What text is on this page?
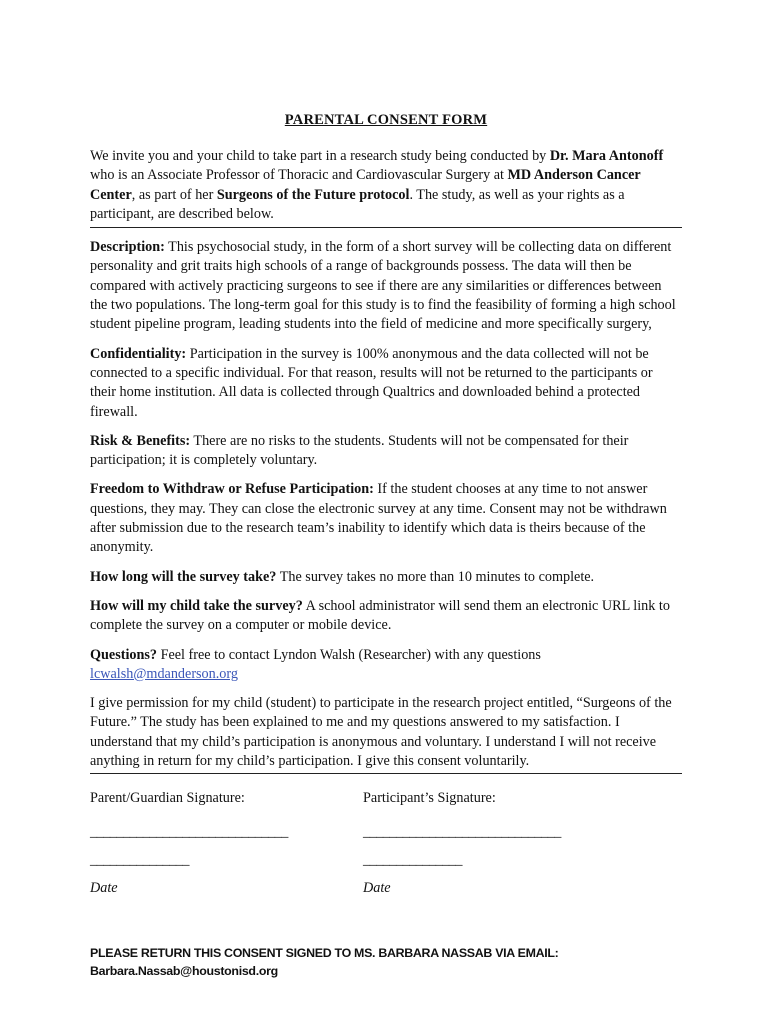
PARENTAL CONSENT FORM

We invite you and your child to take part in a research study being conducted by Dr. Mara Antonoff who is an Associate Professor of Thoracic and Cardiovascular Surgery at MD Anderson Cancer Center, as part of her Surgeons of the Future protocol. The study, as well as your rights as a participant, are described below.

Description: This psychosocial study, in the form of a short survey will be collecting data on different personality and grit traits high schools of a range of backgrounds possess. The data will then be compared with actively practicing surgeons to see if there are any similarities or differences between the two populations. The long-term goal for this study is to find the feasibility of forming a high school student pipeline program, leading students into the field of medicine and more specifically surgery,

Confidentiality: Participation in the survey is 100% anonymous and the data collected will not be connected to a specific individual. For that reason, results will not be returned to the participants or their home institution. All data is collected through Qualtrics and downloaded behind a protected firewall.

Risk & Benefits: There are no risks to the students. Students will not be compensated for their participation; it is completely voluntary.

Freedom to Withdraw or Refuse Participation: If the student chooses at any time to not answer questions, they may. They can close the electronic survey at any time. Consent may not be withdrawn after submission due to the research team’s inability to identify which data is theirs because of the anonymity.

How long will the survey take? The survey takes no more than 10 minutes to complete.

How will my child take the survey? A school administrator will send them an electronic URL link to complete the survey on a computer or mobile device.

Questions? Feel free to contact Lyndon Walsh (Researcher) with any questions lcwalsh@mdanderson.org

I give permission for my child (student) to participate in the research project entitled, “Surgeons of the Future.” The study has been explained to me and my questions answered to my satisfaction. I understand that my child’s participation is anonymous and voluntary. I understand I will not receive anything in return for my child’s participation. I give this consent voluntarily.

Parent/Guardian Signature:
______________________________
_______________
Date
Participant’s Signature:
______________________________
_______________
Date
PLEASE RETURN THIS CONSENT SIGNED TO MS. BARBARA NASSAB VIA EMAIL:
Barbara.Nassab@houstonisd.org
